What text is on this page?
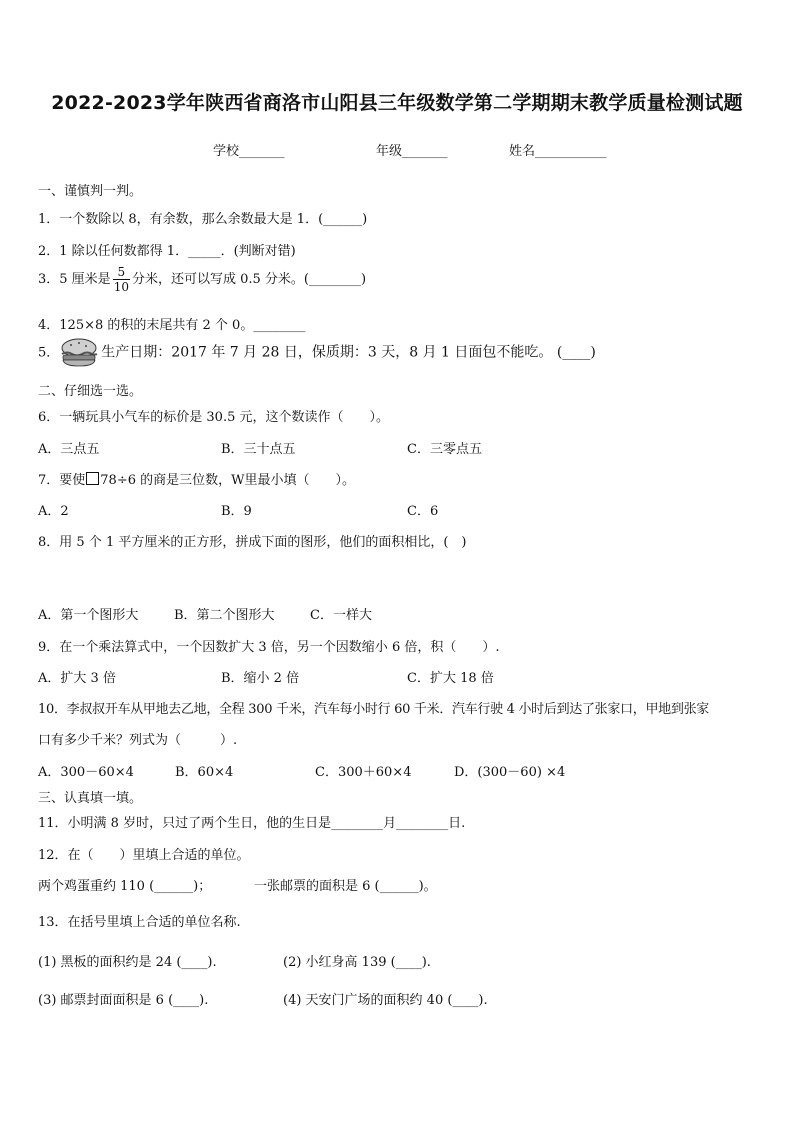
2022-2023学年陕西省商洛市山阳县三年级数学第二学期期末教学质量检测试题
学校_______	年级_______	姓名___________
一、谨慎判一判。
1．一个数除以 8，有余数，那么余数最大是 1．(______)
2．1 除以任何数都得 1．_____．(判断对错)
3．5 厘米是 $\frac{5}{10}$ 分米，还可以写成 0.5 分米。(________)
4．125×8 的积的末尾共有 2 个 0。________
5．	生产日期：2017 年 7 月 28 日，保质期：3 天，8 月 1 日面包不能吃。 (____)
二、仔细选一选。
6．一辆玩具小气车的标价是 30.5 元，这个数读作（　　）。
A．三点五	B．三十点五	C．三零点五
7．要使 78÷6 的商是三位数，W里最小填（　　）。
A．2	B．9	C．6
8．用 5 个 1 平方厘米的正方形，拼成下面的图形，他们的面积相比，(　)
A．第一个图形大	B．第二个图形大	C．一样大
9．在一个乘法算式中，一个因数扩大 3 倍，另一个因数缩小 6 倍，积（　　）.
A．扩大 3 倍	B．缩小 2 倍	C．扩大 18 倍
10．李叔叔开车从甲地去乙地，全程 300 千米，汽车每小时行 60 千米．汽车行驶 4 小时后到达了张家口，甲地到张家
口有多少千米？列式为（　　　）.
A．300－60×4	B．60×4	C．300＋60×4	D．(300－60) ×4
三、认真填一填。
11．小明满 8 岁时，只过了两个生日，他的生日是________月________日.
12．在（　　）里填上合适的单位。
两个鸡蛋重约 110 (______)；	一张邮票的面积是 6 (______)。
13．在括号里填上合适的单位名称.
(1) 黑板的面积约是 24 (____).	(2) 小红身高 139 (____).
(3) 邮票封面面积是 6 (____).	(4) 天安门广场的面积约 40 (____).
